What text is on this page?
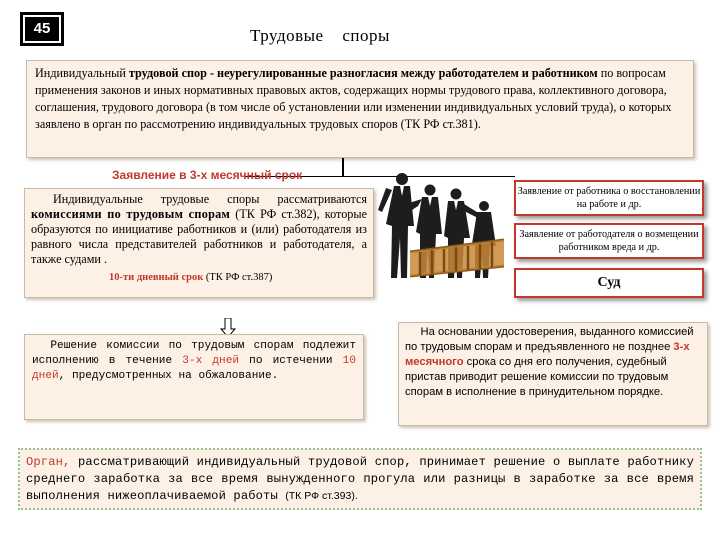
45	Трудовые споры
Индивидуальный трудовой спор - неурегулированные разногласия между работодателем и работником по вопросам применения законов и иных нормативных правовых актов, содержащих нормы трудового права, коллективного договора, соглашения, трудового договора (в том числе об установлении или изменении индивидуальных условий труда), о которых заявлено в орган по рассмотрению индивидуальных трудовых споров (ТК РФ ст.381).
Заявление в 3-х месячный срок
Индивидуальные трудовые споры рассматриваются комиссиями по трудовым спорам (ТК РФ ст.382), которые образуются по инициативе работников и (или) работодателя из равного числа представителей работников и работодателя, а также судами .
10-ти дневный срок (ТК РФ ст.387)
Заявление от работника о восстановлении на работе и др.
Заявление от работодателя о возмещении работником вреда и др.
Суд
Решение комиссии по трудовым спорам подлежит исполнению в течение 3-х дней по истечении 10 дней, предусмотренных на обжалование.
На основании удостоверения, выданного комиссией по трудовым спорам и предъявленного не позднее 3-х месячного срока со дня его получения, судебный пристав приводит решение комиссии по трудовым спорам в исполнение в принудительном порядке.
Орган, рассматривающий индивидуальный трудовой спор, принимает решение о выплате работнику среднего заработка за все время вынужденного прогула или разницы в заработке за все время выполнения нижеоплачиваемой работы (ТК РФ ст.393).
